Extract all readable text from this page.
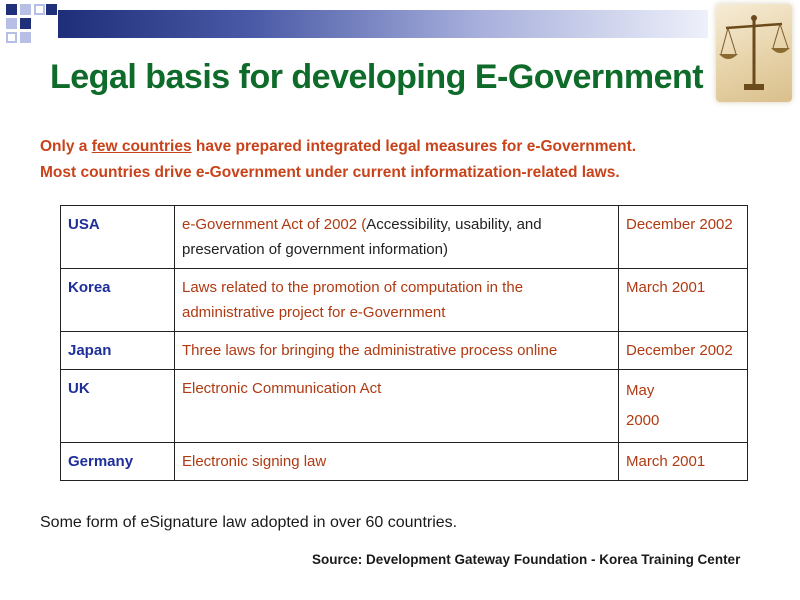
Legal basis for developing E-Government
Only a few countries have prepared integrated legal measures for e-Government.
Most countries drive e-Government under current informatization-related laws.
USA	e-Government Act of 2002 (Accessibility, usability, and preservation of government information)	December 2002
Korea	Laws related to the promotion of computation in the administrative project for e-Government	March 2001
Japan	Three laws for bringing the administrative process online	December 2002
UK	Electronic Communication Act	May
2000

Germany	Electronic signing law	March 2001
Some form of eSignature law adopted in over 60 countries.
Source: Development Gateway Foundation - Korea Training Center
